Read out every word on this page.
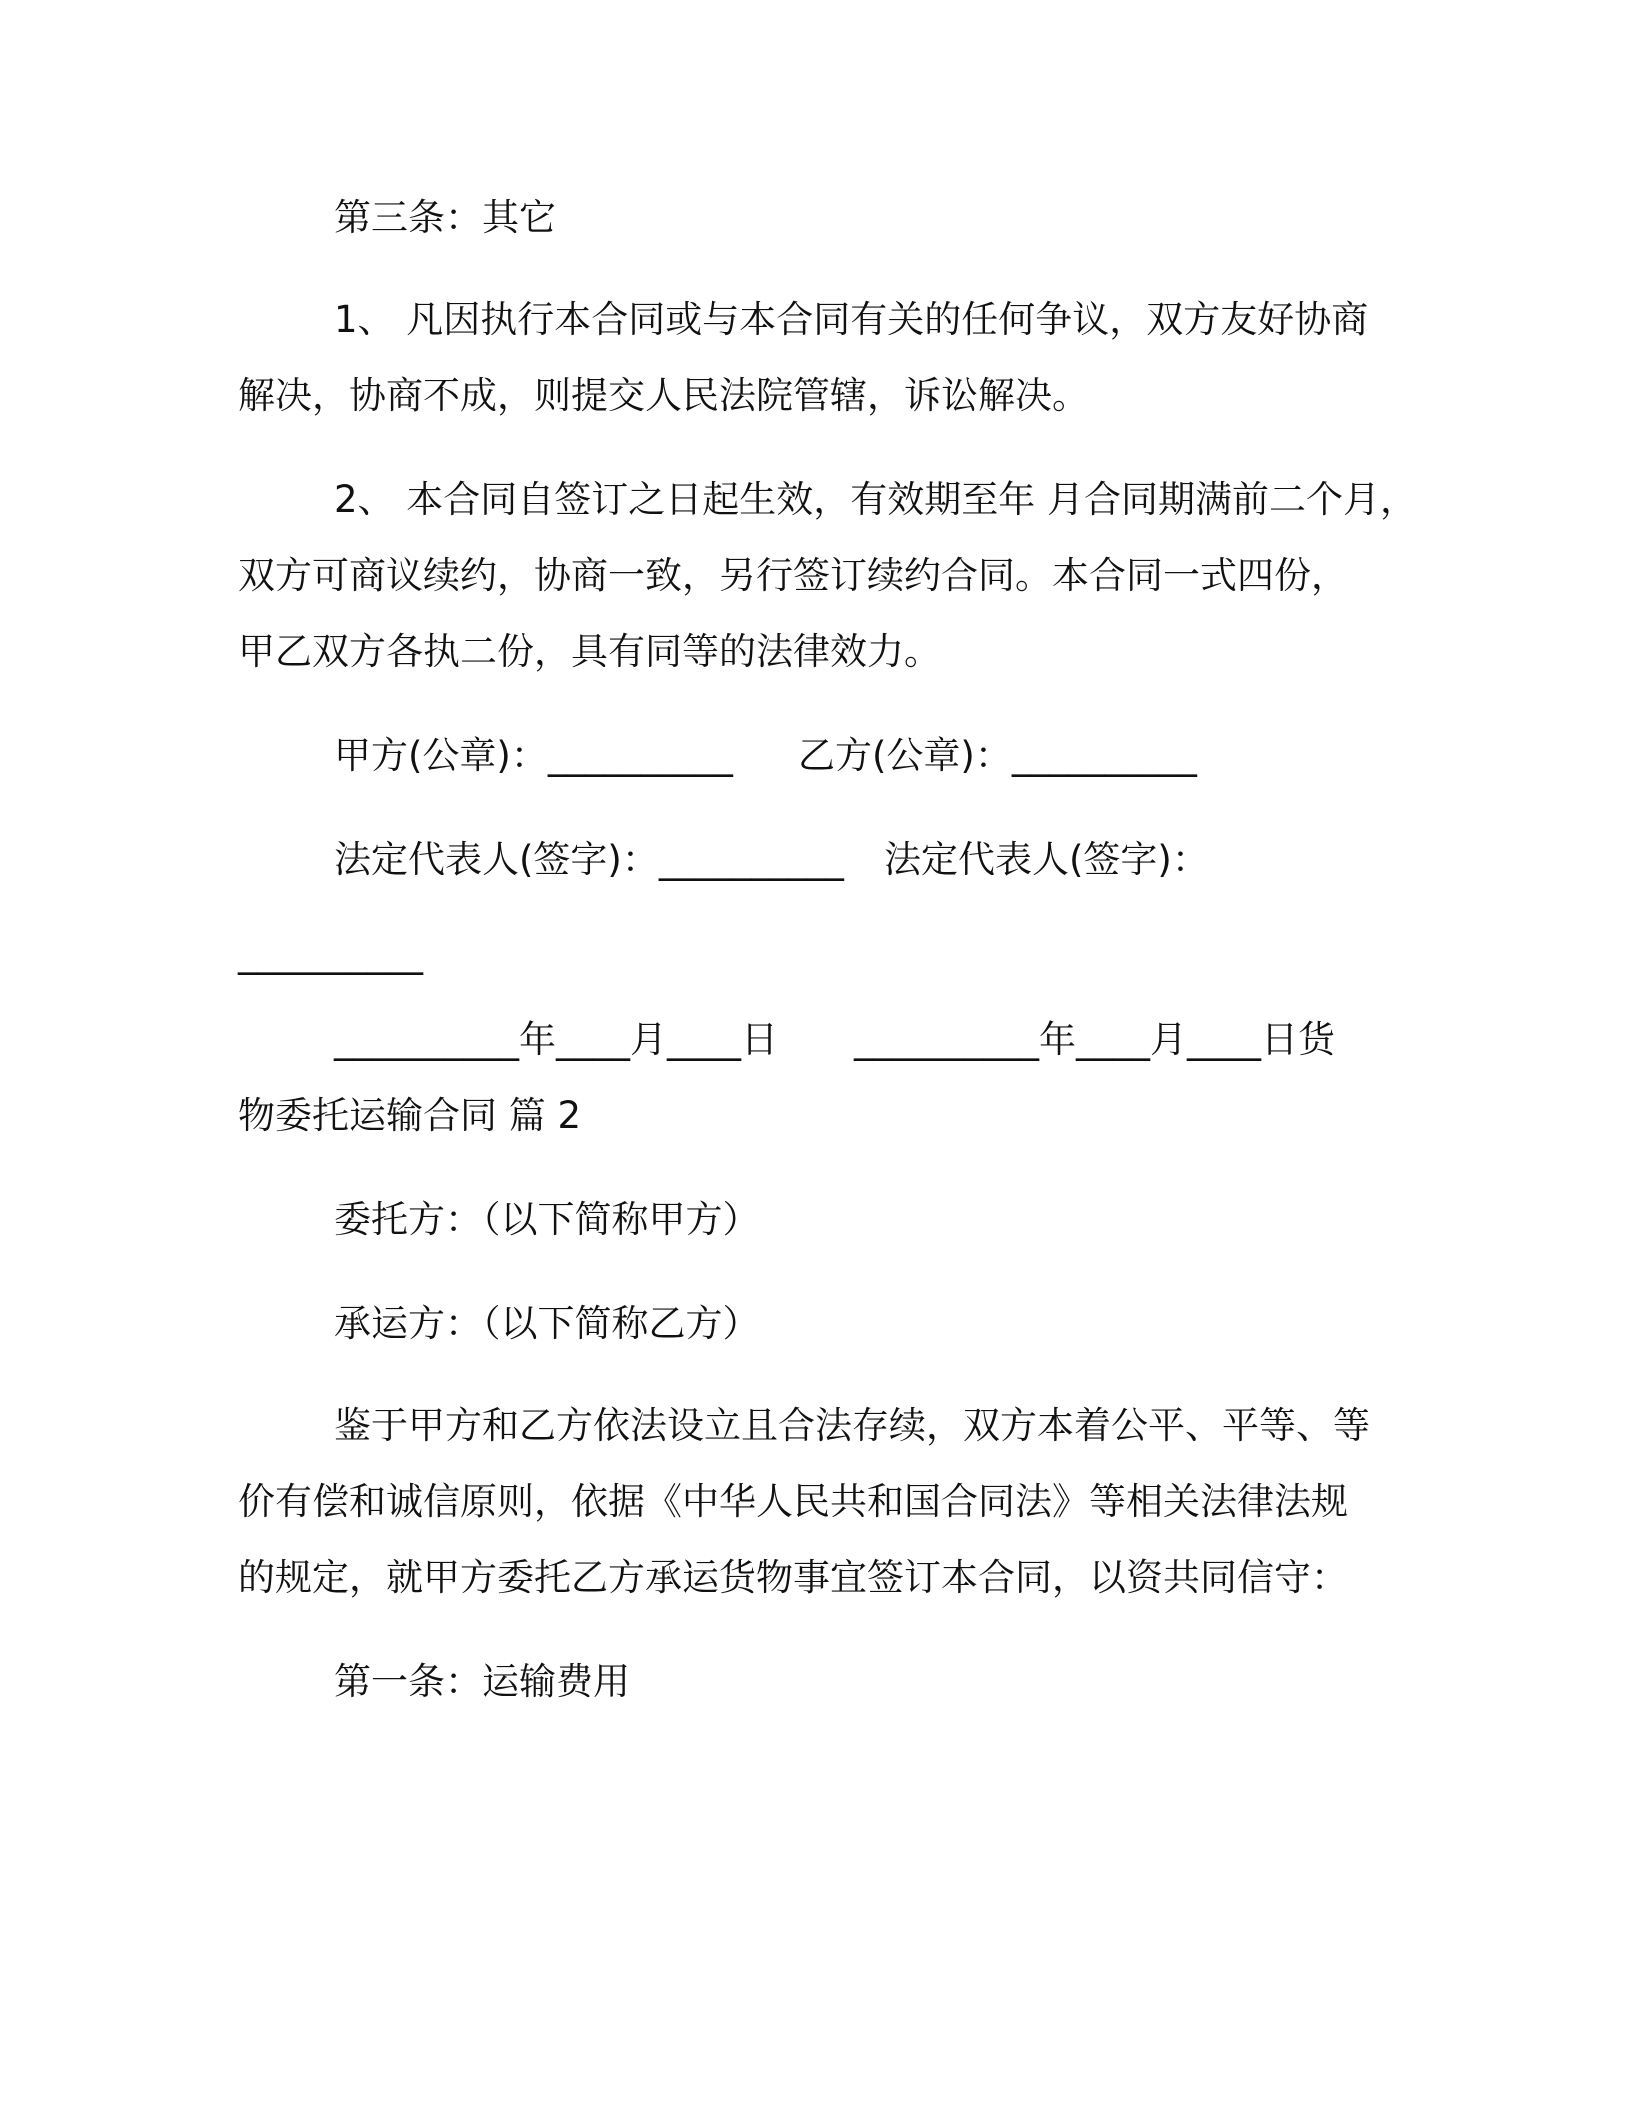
第三条：其它
1、 凡因执行本合同或与本合同有关的任何争议，双方友好协商
解决，协商不成，则提交人民法院管辖，诉讼解决。
2、 本合同自签订之日起生效，有效期至年 月合同期满前二个月，
双方可商议续约，协商一致，另行签订续约合同。本合同一式四份，
甲乙双方各执二份，具有同等的法律效力。
甲方(公章)：__________ 乙方(公章)：__________
法定代表人(签字)：__________ 法定代表人(签字)：
__________
__________年____月____日 __________年____月____日货
物委托运输合同 篇 2
委托方：（以下简称甲方）
承运方：（以下简称乙方）
鉴于甲方和乙方依法设立且合法存续，双方本着公平、平等、等
价有偿和诚信原则，依据《中华人民共和国合同法》等相关法律法规
的规定，就甲方委托乙方承运货物事宜签订本合同，以资共同信守：
第一条：运输费用
